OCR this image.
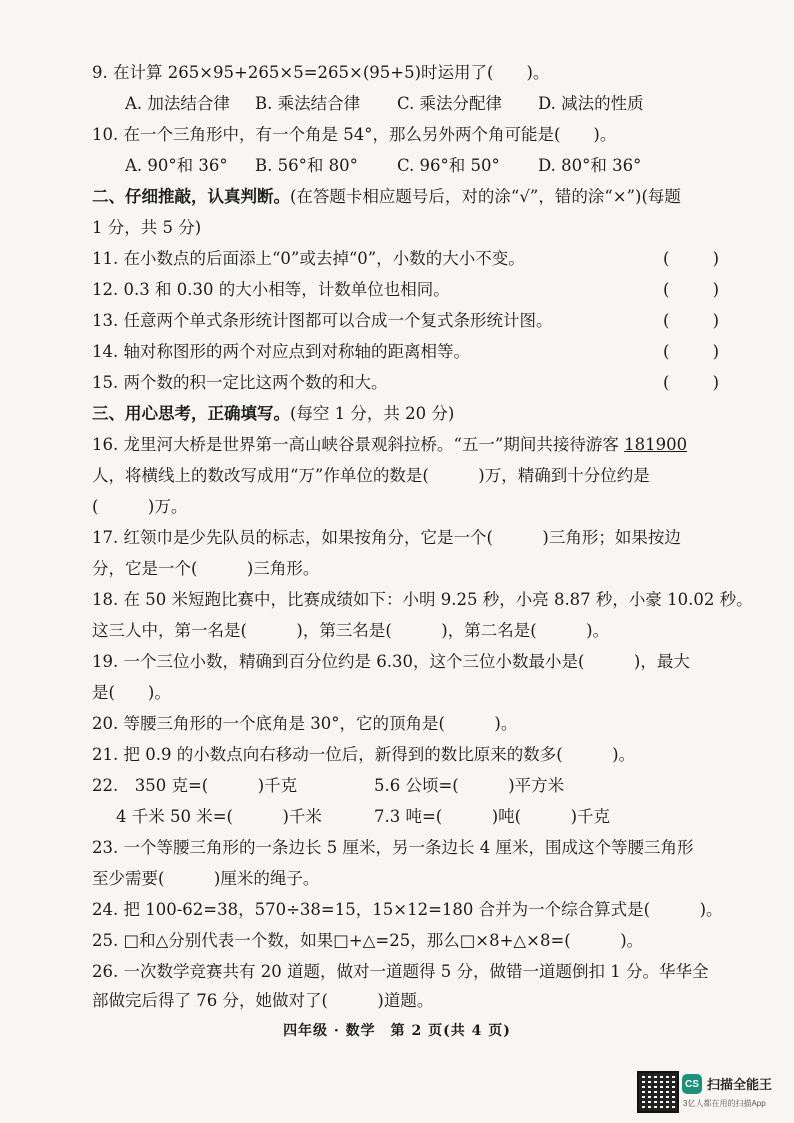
9. 在计算 265×95+265×5=265×(95+5)时运用了(　　)。
A. 加法结合律 B. 乘法结合律 C. 乘法分配律 D. 减法的性质
10. 在一个三角形中，有一个角是 54°，那么另外两个角可能是(　　)。
A. 90°和 36° B. 56°和 80° C. 96°和 50° D. 80°和 36°
二、仔细推敲，认真判断。(在答题卡相应题号后，对的涂“√”，错的涂“×”)(每题
1 分，共 5 分)
11. 在小数点的后面添上“0”或去掉“0”，小数的大小不变。	(	)
12. 0.3 和 0.30 的大小相等，计数单位也相同。	(	)
13. 任意两个单式条形统计图都可以合成一个复式条形统计图。	(	)
14. 轴对称图形的两个对应点到对称轴的距离相等。	(	)
15. 两个数的积一定比这两个数的和大。	(	)
三、用心思考，正确填写。(每空 1 分，共 20 分)
16. 龙里河大桥是世界第一高山峡谷景观斜拉桥。“五一”期间共接待游客 181900
人，将横线上的数改写成用“万”作单位的数是(　　　)万，精确到十分位约是
(　　　)万。
17. 红领巾是少先队员的标志，如果按角分，它是一个(　　　)三角形；如果按边
分，它是一个(　　　)三角形。
18. 在 50 米短跑比赛中，比赛成绩如下：小明 9.25 秒，小亮 8.87 秒，小豪 10.02 秒。
这三人中，第一名是(　　　)，第三名是(　　　)，第二名是(　　　)。
19. 一个三位小数，精确到百分位约是 6.30，这个三位小数最小是(　　　)，最大
是(　　)。
20. 等腰三角形的一个底角是 30°，它的顶角是(　　　)。
21. 把 0.9 的小数点向右移动一位后，新得到的数比原来的数多(　　　)。
22.　350 克=(　　　)千克	5.6 公顷=(　　　)平方米
4 千米 50 米=(　　　)千米	7.3 吨=(　　　)吨(　　　)千克
23. 一个等腰三角形的一条边长 5 厘米，另一条边长 4 厘米，围成这个等腰三角形
至少需要(　　　)厘米的绳子。
24. 把 100-62=38，570÷38=15，15×12=180 合并为一个综合算式是(　　　)。
25. □和△分别代表一个数，如果□+△=25，那么□×8+△×8=(　　　)。
26. 一次数学竞赛共有 20 道题，做对一道题得 5 分，做错一道题倒扣 1 分。华华全
部做完后得了 76 分，她做对了(　　　)道题。
四年级 · 数学　第 2 页(共 4 页)
CS 扫描全能王
3亿人都在用的扫描App
